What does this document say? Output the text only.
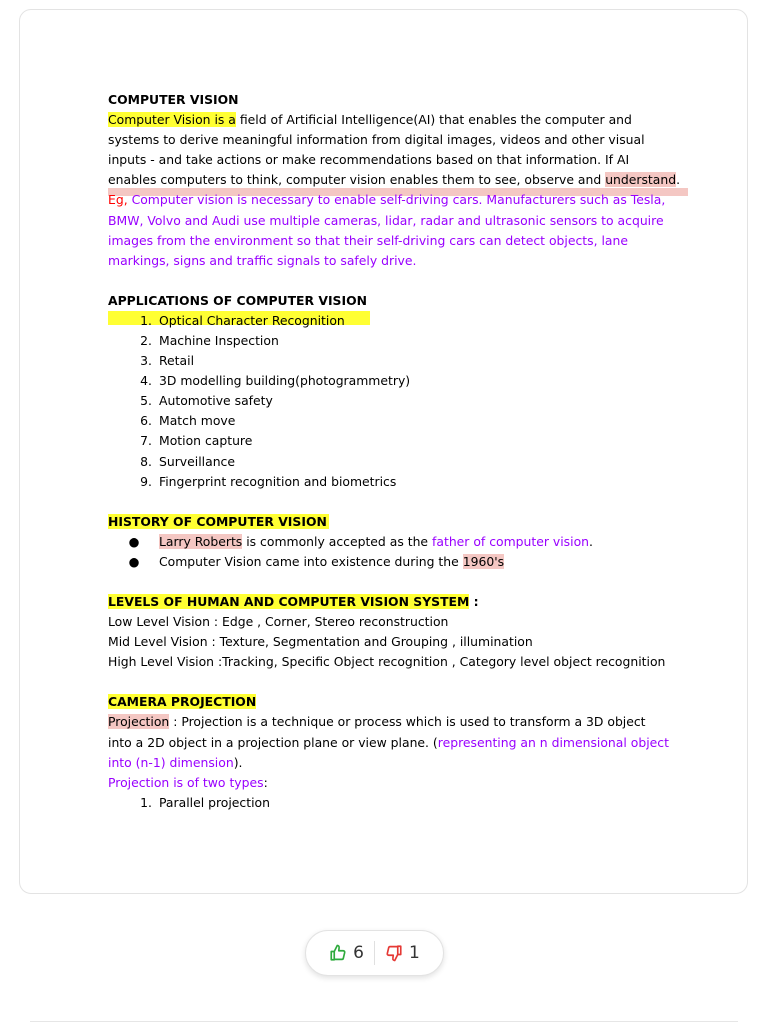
COMPUTER VISION
Computer Vision is a field of Artificial Intelligence(AI) that enables the computer and
systems to derive meaningful information from digital images, videos and other visual
inputs - and take actions or make recommendations based on that information. If AI
enables computers to think, computer vision enables them to see, observe and understand.
Eg, Computer vision is necessary to enable self-driving cars. Manufacturers such as Tesla,
BMW, Volvo and Audi use multiple cameras, lidar, radar and ultrasonic sensors to acquire
images from the environment so that their self-driving cars can detect objects, lane
markings, signs and traffic signals to safely drive.
APPLICATIONS OF COMPUTER VISION
1. Optical Character Recognition
2. Machine Inspection
3. Retail
4. 3D modelling building(photogrammetry)
5. Automotive safety
6. Match move
7. Motion capture
8. Surveillance
9. Fingerprint recognition and biometrics
HISTORY OF COMPUTER VISION
● Larry Roberts is commonly accepted as the father of computer vision.
● Computer Vision came into existence during the 1960's
LEVELS OF HUMAN AND COMPUTER VISION SYSTEM :
Low Level Vision : Edge , Corner, Stereo reconstruction
Mid Level Vision : Texture, Segmentation and Grouping , illumination
High Level Vision :Tracking, Specific Object recognition , Category level object recognition
CAMERA PROJECTION
Projection : Projection is a technique or process which is used to transform a 3D object
into a 2D object in a projection plane or view plane. (representing an n dimensional object
into (n-1) dimension).
Projection is of two types:
1. Parallel projection
6	1
